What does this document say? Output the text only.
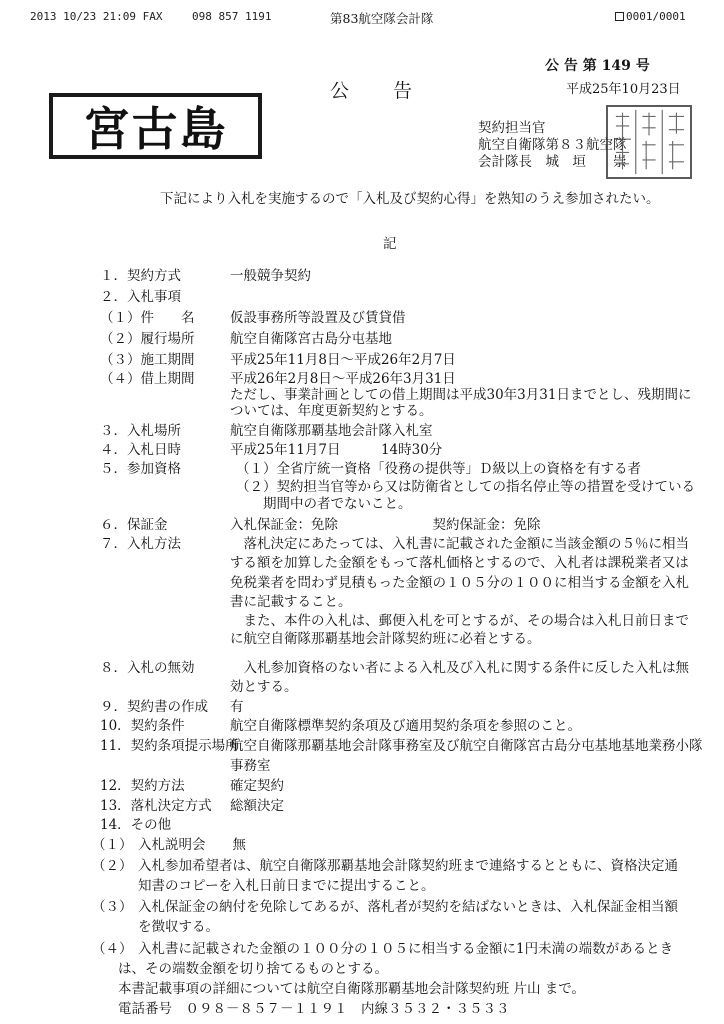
2013 10/23 21:09 FAX	098 857 1191	第83航空隊会計隊	0001/0001
公 告 第 149 号
平成25年10月23日
公　　告
宮古島	契約担当官
航空自衛隊第８３航空隊
会計隊長　城　垣　　崇
下記により入札を実施するので「入札及び契約心得」を熟知のうえ参加されたい。
記
１．契約方式	一般競争契約
２．入札事項
（１）件　　名	仮設事務所等設置及び賃貸借
（２）履行場所	航空自衛隊宮古島分屯基地
（３）施工期間	平成25年11月8日～平成26年2月7日
（４）借上期間	平成26年2月8日～平成26年3月31日
ただし、事業計画としての借上期間は平成30年3月31日までとし、残期間に
ついては、年度更新契約とする。
３．入札場所	航空自衛隊那覇基地会計隊入札室
４．入札日時	平成25年11月7日　　　14時30分
５．参加資格	（１）全省庁統一資格「役務の提供等」Ｄ級以上の資格を有する者
（２）契約担当官等から又は防衛省としての指名停止等の措置を受けている
　　期間中の者でないこと。
６．保証金	入札保証金：免除　　　　　　　契約保証金：免除
７．入札方法	　落札決定にあたっては、入札書に記載された金額に当該金額の５％に相当
する額を加算した金額をもって落札価格とするので、入札者は課税業者又は
免税業者を問わず見積もった金額の１０５分の１００に相当する金額を入札
書に記載すること。
　また、本件の入札は、郵便入札を可とするが、その場合は入札日前日まで
に航空自衛隊那覇基地会計隊契約班に必着とする。
８．入札の無効	　入札参加資格のない者による入札及び入札に関する条件に反した入札は無
効とする。
９．契約書の作成 有
10．契約条件	航空自衛隊標準契約条項及び適用契約条項を参照のこと。
11．契約条項提示場所
航空自衛隊那覇基地会計隊事務室及び航空自衛隊宮古島分屯基地基地業務小隊
事務室
12．契約方法	確定契約
13．落札決定方式 総額決定
14．その他
（１） 入札説明会　　無
（２） 入札参加希望者は、航空自衛隊那覇基地会計隊契約班まで連絡するとともに、資格決定通
知書のコピーを入札日前日までに提出すること。
（３） 入札保証金の納付を免除してあるが、落札者が契約を結ばないときは、入札保証金相当額
を徴収する。
（４） 入札書に記載された金額の１００分の１０５に相当する金額に1円未満の端数があるとき
は、その端数金額を切り捨てるものとする。
本書記載事項の詳細については航空自衛隊那覇基地会計隊契約班 片山 まで。
電話番号　０９８－８５７－１１９１　内線３５３２・３５３３
